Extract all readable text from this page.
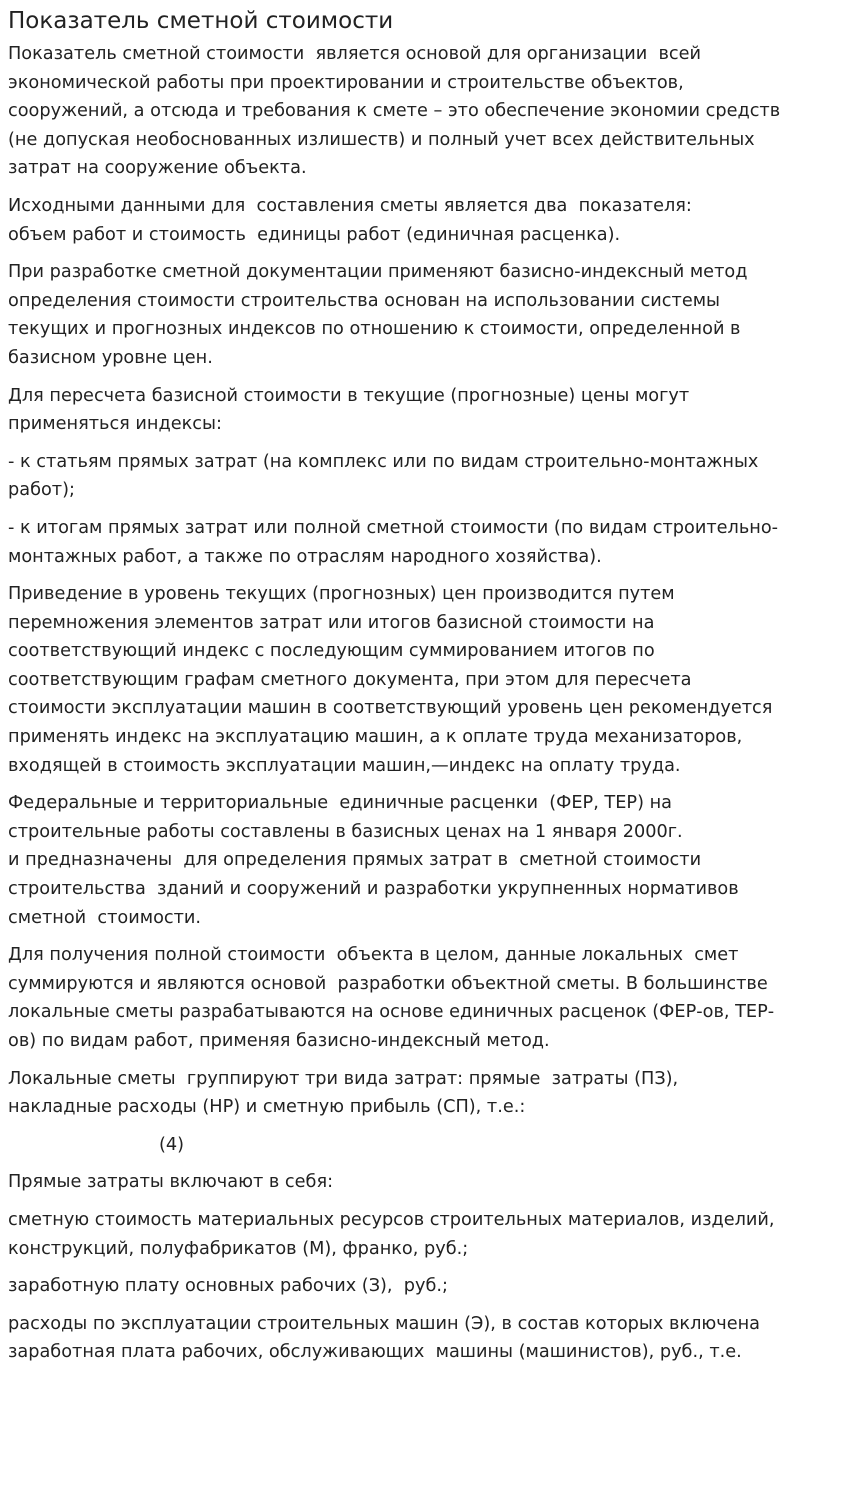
Показатель сметной стоимости

Показатель сметной стоимости  является основой для организации  всей
экономической работы при проектировании и строительстве объектов,
сооружений, а отсюда и требования к смете – это обеспечение экономии средств
(не допуская необоснованных излишеств) и полный учет всех действительных
затрат на сооружение объекта.

Исходными данными для  составления сметы является два  показателя:
объем работ и стоимость  единицы работ (единичная расценка).

При разработке сметной документации применяют базисно-индексный метод
определения стоимости строительства основан на использовании системы
текущих и прогнозных индексов по отношению к стоимости, определенной в
базисном уровне цен.

Для пересчета базисной стоимости в текущие (прогнозные) цены могут
применяться индексы:

- к статьям прямых затрат (на комплекс или по видам строительно-монтажных
работ);

- к итогам прямых затрат или полной сметной стоимости (по видам строительно-
монтажных работ, а также по отраслям народного хозяйства).

Приведение в уровень текущих (прогнозных) цен производится путем
перемножения элементов затрат или итогов базисной стоимости на
соответствующий индекс с последующим суммированием итогов по
соответствующим графам сметного документа, при этом для пересчета
стоимости эксплуатации машин в соответствующий уровень цен рекомендуется
применять индекс на эксплуатацию машин, а к оплате труда механизаторов,
входящей в стоимость эксплуатации машин,—индекс на оплату труда.

Федеральные и территориальные  единичные расценки  (ФЕР, ТЕР) на
строительные работы составлены в базисных ценах на 1 января 2000г.
и предназначены  для определения прямых затрат в  сметной стоимости
строительства  зданий и сооружений и разработки укрупненных нормативов
сметной  стоимости.

Для получения полной стоимости  объекта в целом, данные локальных  смет
суммируются и являются основой  разработки объектной сметы. В большинстве
локальные сметы разрабатываются на основе единичных расценок (ФЕР-ов, ТЕР-
ов) по видам работ, применяя базисно-индексный метод.

Локальные сметы  группируют три вида затрат: прямые  затраты (ПЗ),
накладные расходы (НР) и сметную прибыль (СП), т.е.:

(4)

Прямые затраты включают в себя:

сметную стоимость материальных ресурсов строительных материалов, изделий,
конструкций, полуфабрикатов (М), франко, руб.;

заработную плату основных рабочих (З),  руб.;

расходы по эксплуатации строительных машин (Э), в состав которых включена
заработная плата рабочих, обслуживающих  машины (машинистов), руб., т.е.
